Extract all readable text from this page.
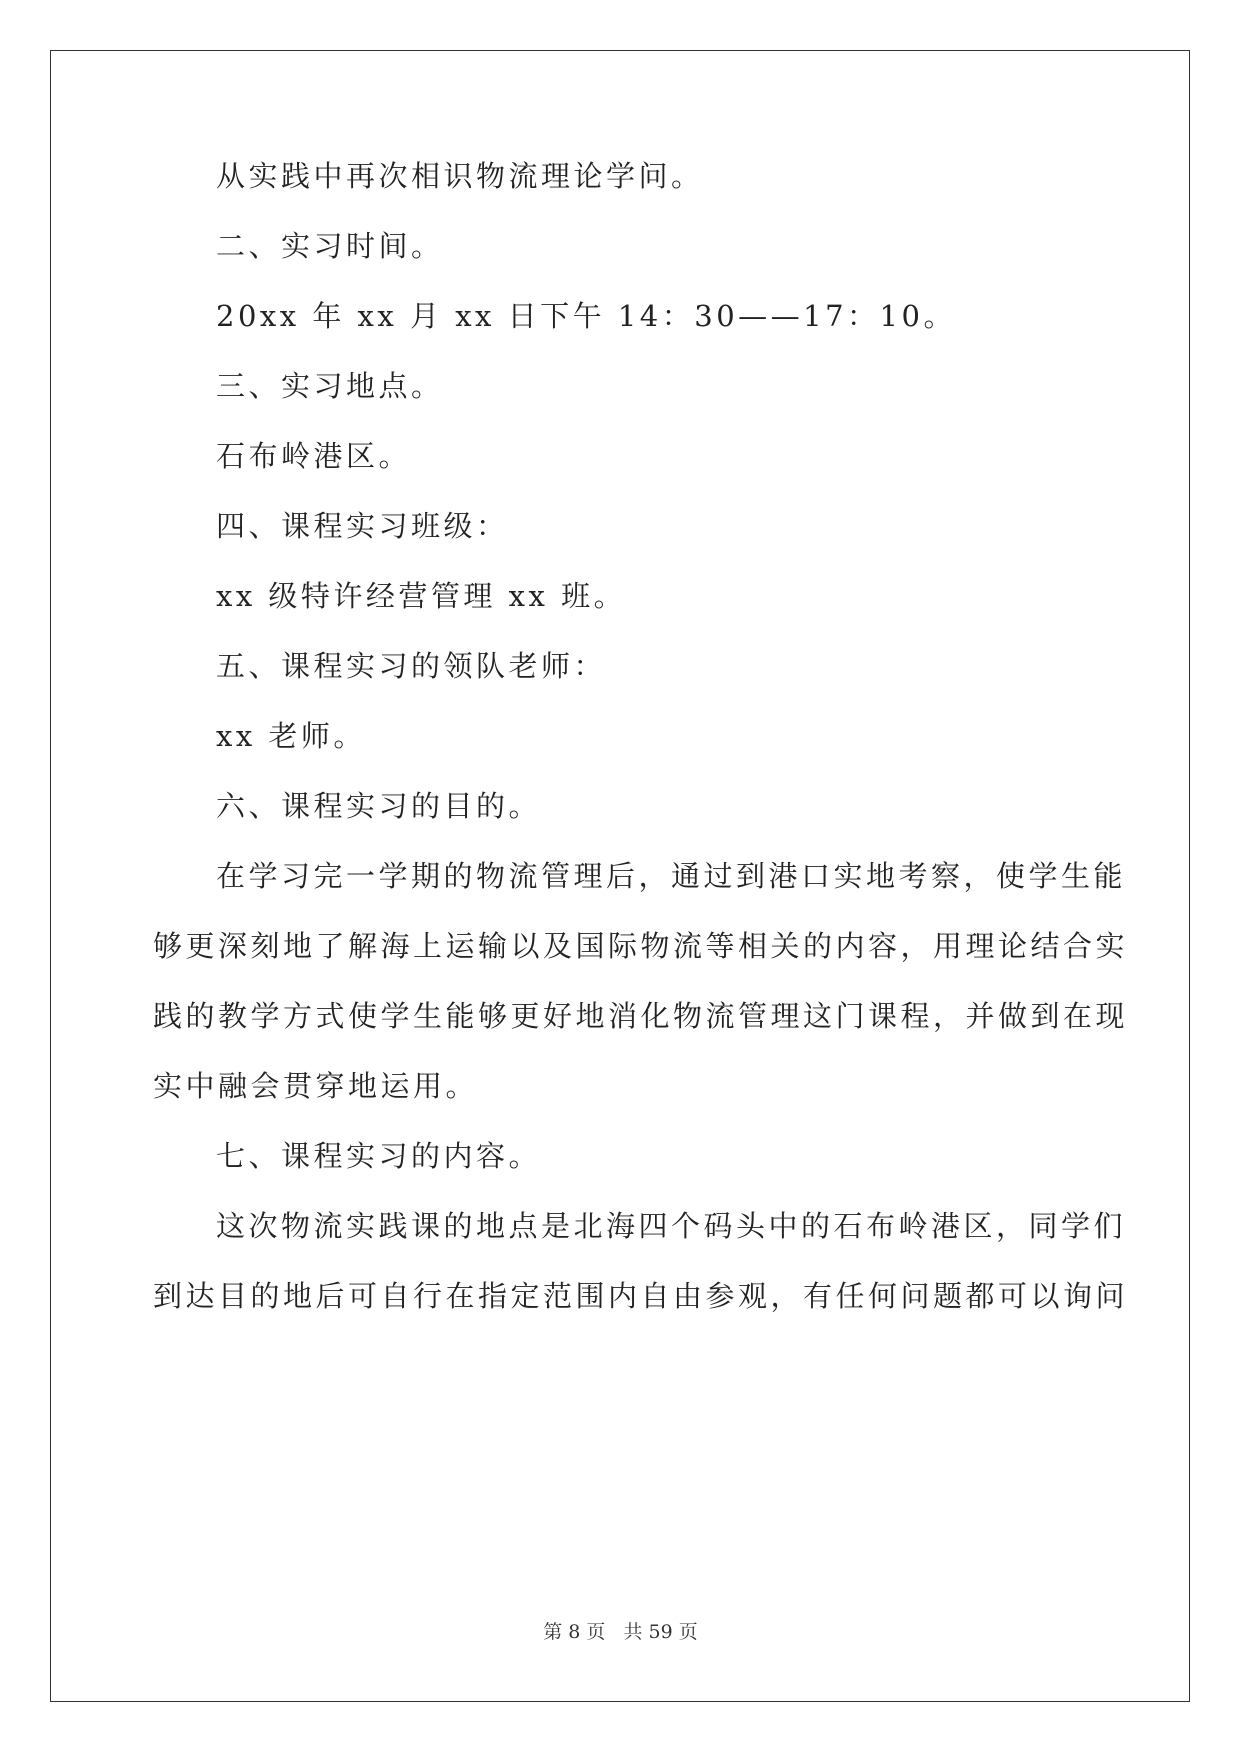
从实践中再次相识物流理论学问。
二、实习时间。
20xx 年 xx 月 xx 日下午 14：30——17：10。
三、实习地点。
石布岭港区。
四、课程实习班级：
xx 级特许经营管理 xx 班。
五、课程实习的领队老师：
xx 老师。
六、课程实习的目的。
在学习完一学期的物流管理后，通过到港口实地考察，使学生能
够更深刻地了解海上运输以及国际物流等相关的内容，用理论结合实
践的教学方式使学生能够更好地消化物流管理这门课程，并做到在现
实中融会贯穿地运用。
七、课程实习的内容。
这次物流实践课的地点是北海四个码头中的石布岭港区，同学们
到达目的地后可自行在指定范围内自由参观，有任何问题都可以询问
第 8 页 共 59 页
